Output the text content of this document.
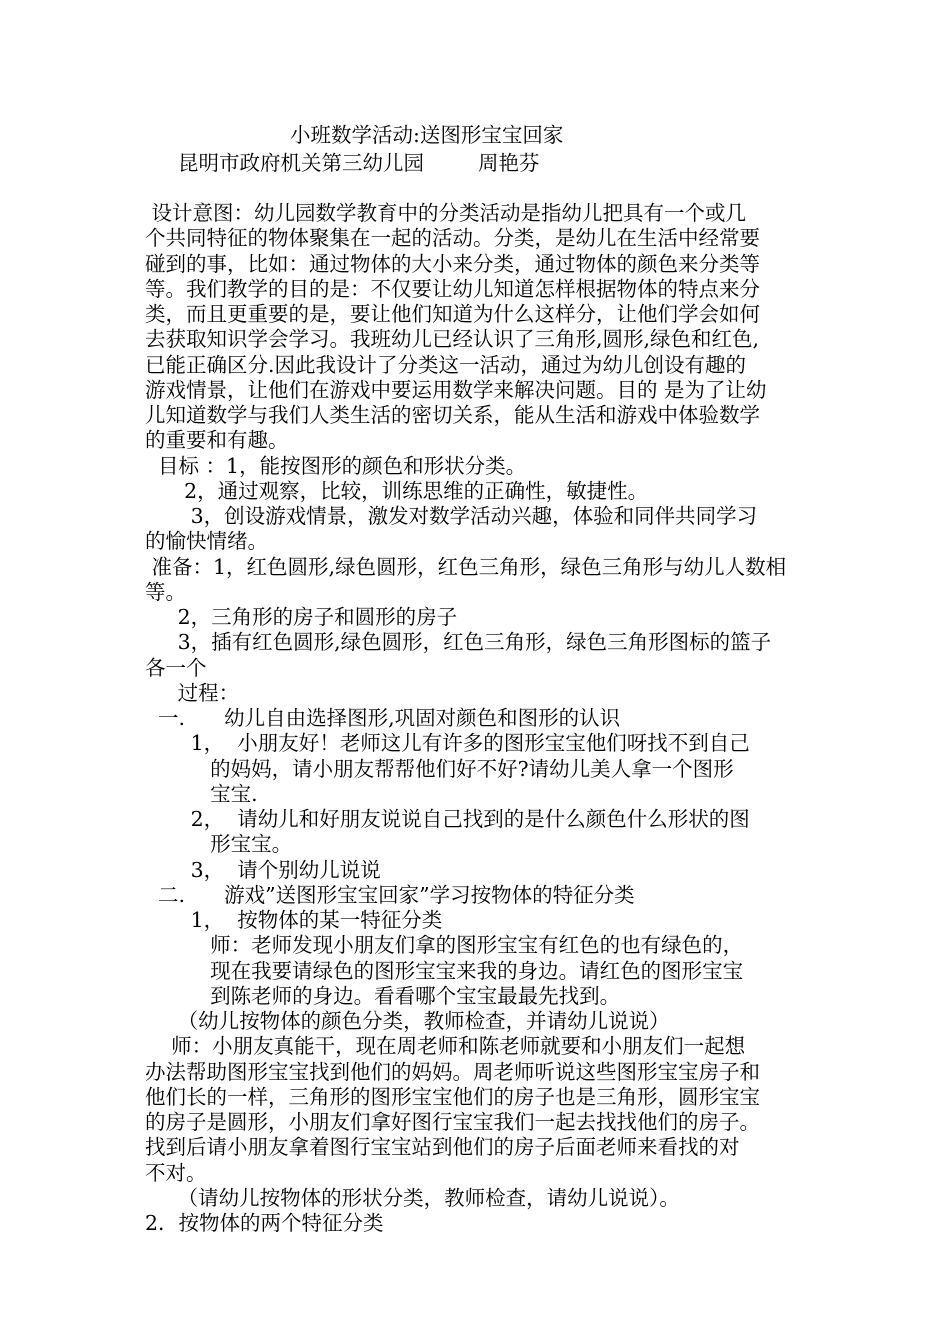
小班数学活动:送图形宝宝回家
昆明市政府机关第三幼儿园	周艳芬
设计意图：幼儿园数学教育中的分类活动是指幼儿把具有一个或几
个共同特征的物体聚集在一起的活动。分类，是幼儿在生活中经常要
碰到的事，比如：通过物体的大小来分类，通过物体的颜色来分类等
等。我们教学的目的是：不仅要让幼儿知道怎样根据物体的特点来分
类，而且更重要的是，要让他们知道为什么这样分，让他们学会如何
去获取知识学会学习。我班幼儿已经认识了三角形,圆形,绿色和红色,
已能正确区分.因此我设计了分类这一活动，通过为幼儿创设有趣的
游戏情景，让他们在游戏中要运用数学来解决问题。目的 是为了让幼
儿知道数学与我们人类生活的密切关系，能从生活和游戏中体验数学
的重要和有趣。
目标 ：1，能按图形的颜色和形状分类。
2，通过观察，比较，训练思维的正确性，敏捷性。
3，创设游戏情景，激发对数学活动兴趣，体验和同伴共同学习
的愉快情绪。
准备：1，红色圆形,绿色圆形，红色三角形，绿色三角形与幼儿人数相
等。
2，三角形的房子和圆形的房子
3，插有红色圆形,绿色圆形，红色三角形，绿色三角形图标的篮子
各一个
过程：
一.      幼儿自由选择图形,巩固对颜色和图形的认识
1，  小朋友好！老师这儿有许多的图形宝宝他们呀找不到自己
的妈妈，请小朋友帮帮他们好不好?请幼儿美人拿一个图形
宝宝.
2，  请幼儿和好朋友说说自己找到的是什么颜色什么形状的图
形宝宝。
3，  请个别幼儿说说
二.      游戏”送图形宝宝回家”学习按物体的特征分类
1，  按物体的某一特征分类
师：老师发现小朋友们拿的图形宝宝有红色的也有绿色的，
现在我要请绿色的图形宝宝来我的身边。请红色的图形宝宝
到陈老师的身边。看看哪个宝宝最最先找到。
（幼儿按物体的颜色分类，教师检查，并请幼儿说说）
师：小朋友真能干，现在周老师和陈老师就要和小朋友们一起想
办法帮助图形宝宝找到他们的妈妈。周老师听说这些图形宝宝房子和
他们长的一样，三角形的图形宝宝他们的房子也是三角形，圆形宝宝
的房子是圆形，小朋友们拿好图行宝宝我们一起去找找他们的房子。
找到后请小朋友拿着图行宝宝站到他们的房子后面老师来看找的对
不对。
（请幼儿按物体的形状分类，教师检查，请幼儿说说）。
2．按物体的两个特征分类
